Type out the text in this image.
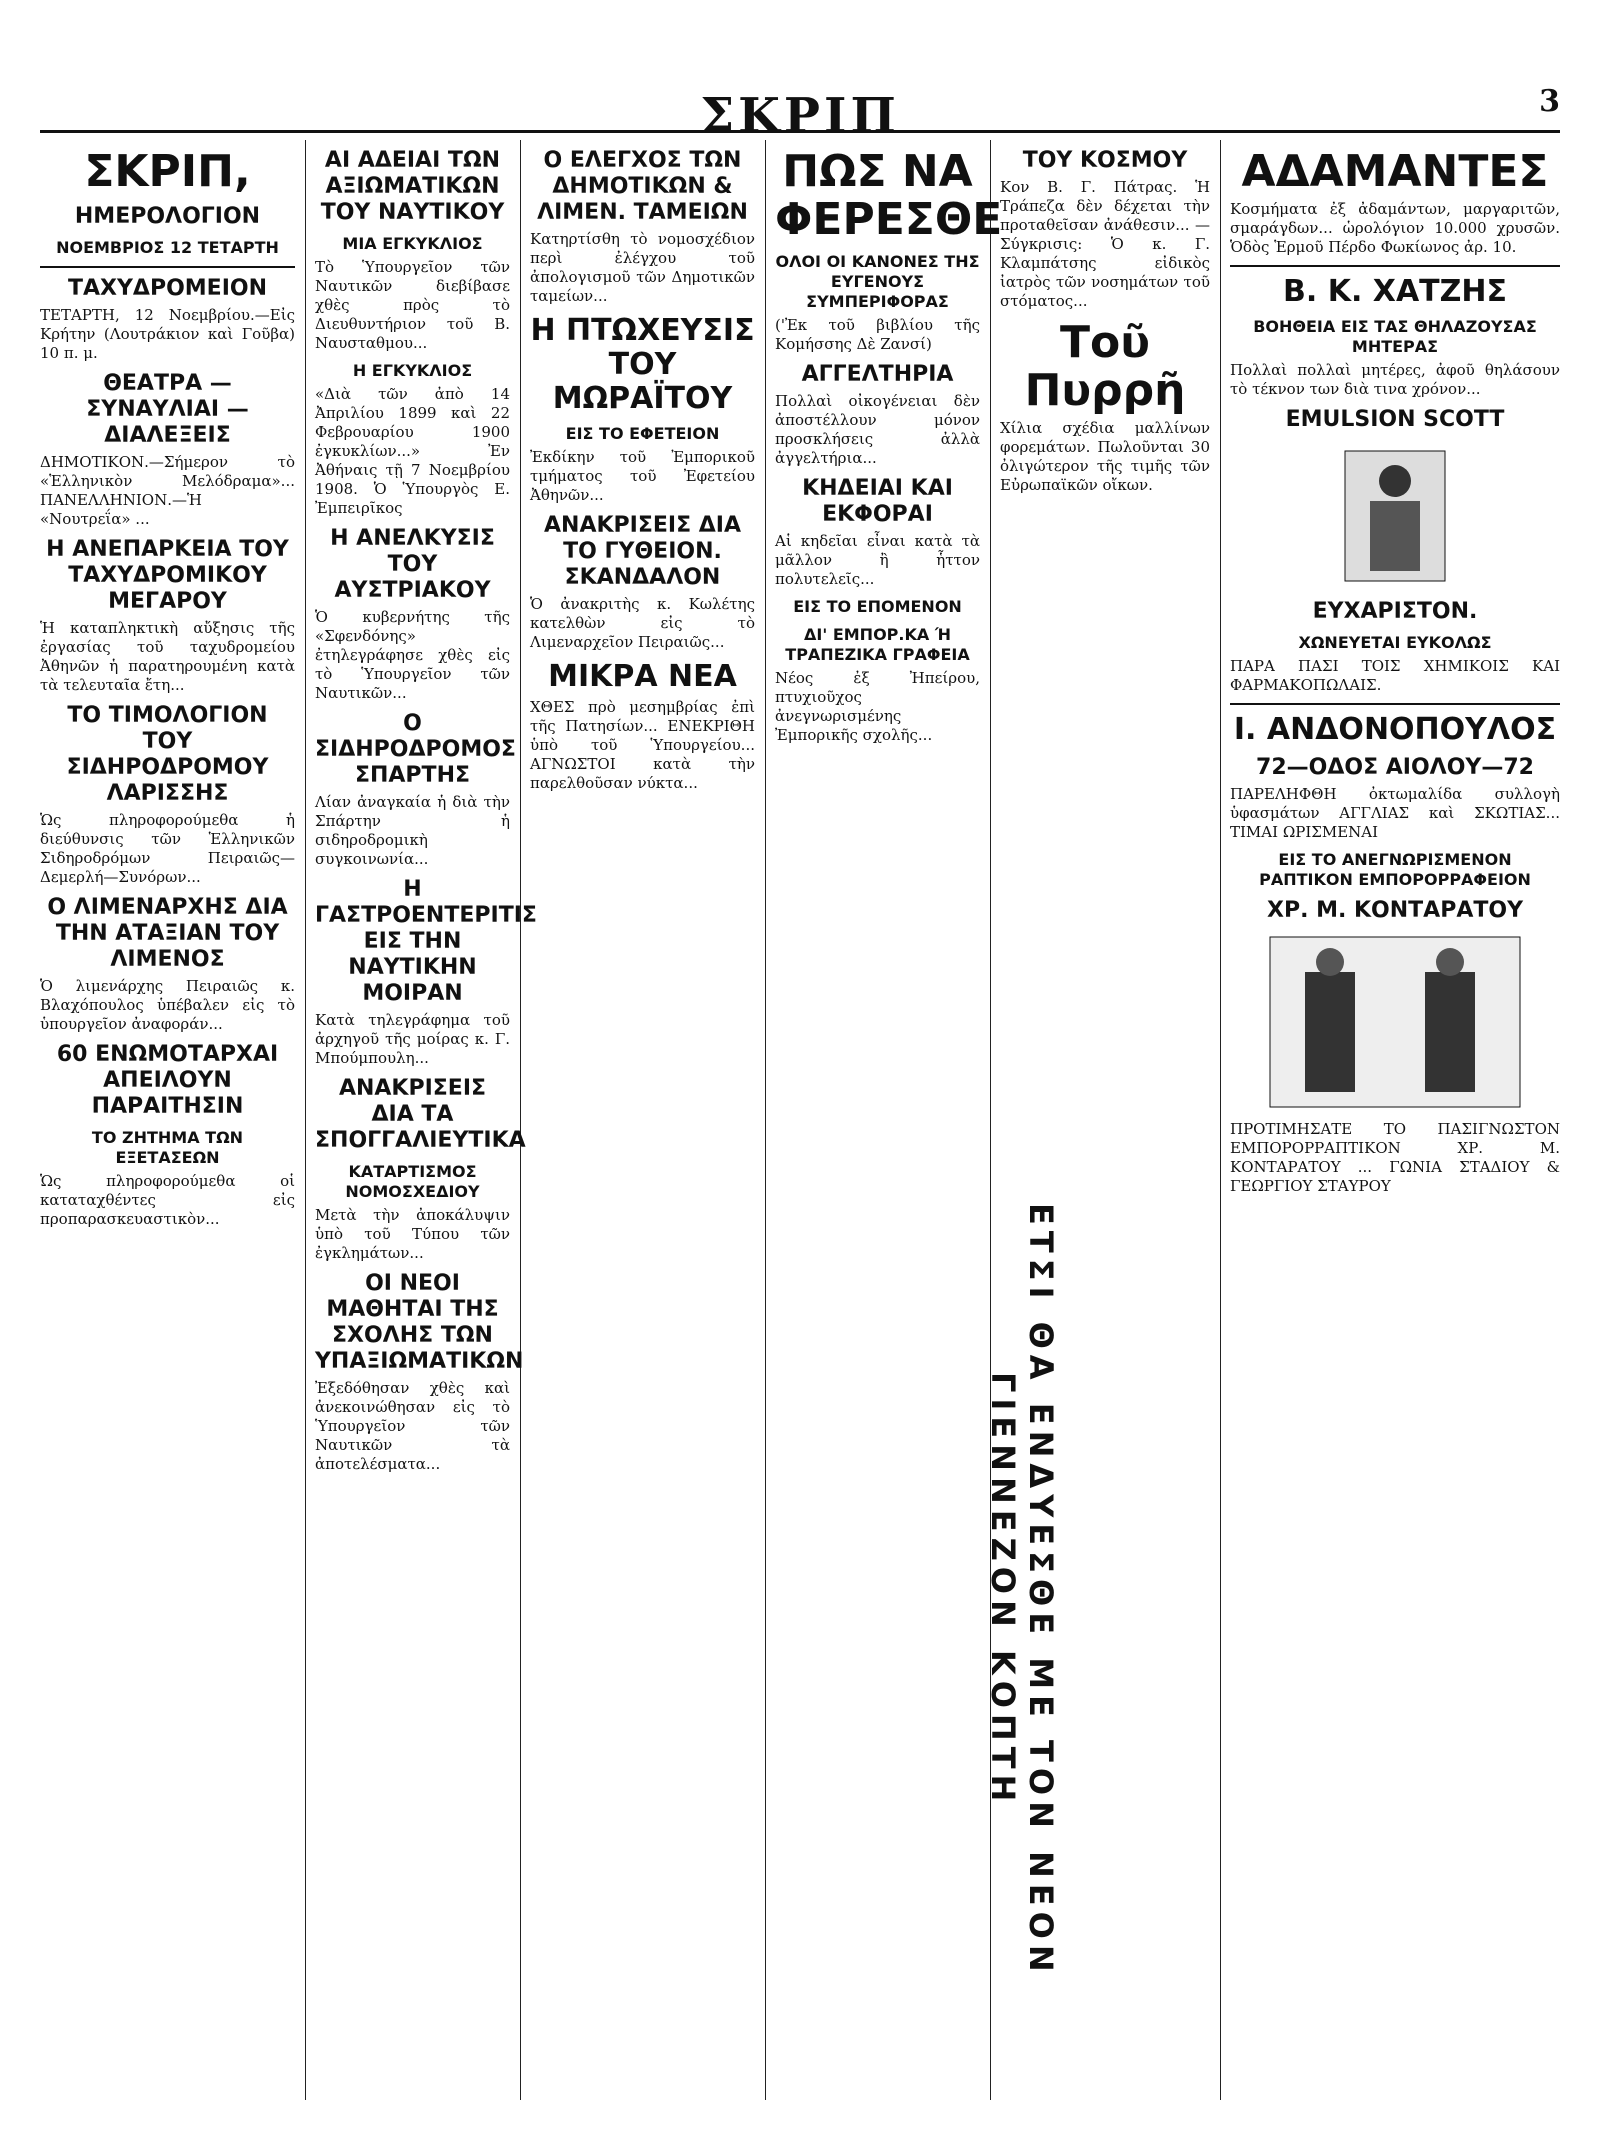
ΣΚΡΙΠ	3
ΣΚΡΙΠ,
ΗΜΕΡΟΛΟΓΙΟΝ
ΝΟΕΜΒΡΙΟΣ 12 ΤΕΤΑΡΤΗ
ΤΑΧΥΔΡΟΜΕΙΟΝ

ΤΕΤΑΡΤΗ, 12 Νοεμβρίου.—Εἰς Κρήτην (Λουτράκιον καὶ Γοῦβα) 10 π. μ.

ΘΕΑΤΡΑ — ΣΥΝΑΥΛΙΑΙ — ΔΙΑΛΕΞΕΙΣ

ΔΗΜΟΤΙΚΟΝ.—Σήμερον τὸ «Ἑλληνικὸν Μελόδραμα»... ΠΑΝΕΛΛΗΝΙΟΝ.—Ἡ «Νουτρεΐα» ...

Η ΑΝΕΠΑΡΚΕΙΑ ΤΟΥ ΤΑΧΥΔΡΟΜΙΚΟΥ ΜΕΓΑΡΟΥ

Ἡ καταπληκτικὴ αὔξησις τῆς ἐργασίας τοῦ ταχυδρομείου Ἀθηνῶν ἡ παρατηρουμένη κατὰ τὰ τελευταῖα ἔτη...

ΤΟ ΤΙΜΟΛΟΓΙΟΝ ΤΟΥ ΣΙΔΗΡΟΔΡΟΜΟΥ ΛΑΡΙΣΣΗΣ

Ὡς πληροφορούμεθα ἡ διεύθυνσις τῶν Ἑλληνικῶν Σιδηροδρόμων Πειραιῶς—Δεμερλή—Συνόρων...

Ο ΛΙΜΕΝΑΡΧΗΣ ΔΙΑ ΤΗΝ ΑΤΑΞΙΑΝ ΤΟΥ ΛΙΜΕΝΟΣ

Ὁ λιμενάρχης Πειραιῶς κ. Βλαχόπουλος ὑπέβαλεν εἰς τὸ ὑπουργεῖον ἀναφοράν...

60 ΕΝΩΜΟΤΑΡΧΑΙ ΑΠΕΙΛΟΥΝ ΠΑΡΑΙΤΗΣΙΝ
ΤΟ ΖΗΤΗΜΑ ΤΩΝ ΕΞΕΤΑΣΕΩΝ

Ὡς πληροφορούμεθα οἱ καταταχθέντες εἰς προπαρασκευαστικὸν...

ΑΙ ΑΔΕΙΑΙ ΤΩΝ ΑΞΙΩΜΑΤΙΚΩΝ ΤΟΥ ΝΑΥΤΙΚΟΥ
ΜΙΑ ΕΓΚΥΚΛΙΟΣ

Τὸ Ὑπουργεῖον τῶν Ναυτικῶν διεβίβασε χθὲς πρὸς τὸ Διευθυντήριον τοῦ Β. Ναυσταθμου...

Η ΕΓΚΥΚΛΙΟΣ

«Διὰ τῶν ἀπὸ 14 Ἀπριλίου 1899 καὶ 22 Φεβρουαρίου 1900 ἐγκυκλίων...» Ἐν Ἀθήναις τῇ 7 Νοεμβρίου 1908. Ὁ Ὑπουργὸς Ε. Ἐμπειρῖκος

Η ΑΝΕΛΚΥΣΙΣ ΤΟΥ ΑΥΣΤΡΙΑΚΟΥ

Ὁ κυβερνήτης τῆς «Σφενδόνης» ἐτηλεγράφησε χθὲς εἰς τὸ Ὑπουργεῖον τῶν Ναυτικῶν...

Ο ΣΙΔΗΡΟΔΡΟΜΟΣ ΣΠΑΡΤΗΣ

Λίαν ἀναγκαία ἡ διὰ τὴν Σπάρτην ἡ σιδηροδρομικὴ συγκοινωνία...

Η ΓΑΣΤΡΟΕΝΤΕΡΙΤΙΣ ΕΙΣ ΤΗΝ ΝΑΥΤΙΚΗΝ ΜΟΙΡΑΝ

Κατὰ τηλεγράφημα τοῦ ἀρχηγοῦ τῆς μοίρας κ. Γ. Μπούμπουλη...

ΑΝΑΚΡΙΣΕΙΣ ΔΙΑ ΤΑ ΣΠΟΓΓΑΛΙΕΥΤΙΚΑ
ΚΑΤΑΡΤΙΣΜΟΣ ΝΟΜΟΣΧΕΔΙΟΥ

Μετὰ τὴν ἀποκάλυψιν ὑπὸ τοῦ Τύπου τῶν ἐγκλημάτων...

ΟΙ ΝΕΟΙ ΜΑΘΗΤΑΙ ΤΗΣ ΣΧΟΛΗΣ ΤΩΝ ΥΠΑΞΙΩΜΑΤΙΚΩΝ

Ἐξεδόθησαν χθὲς καὶ ἀνεκοινώθησαν εἰς τὸ Ὑπουργεῖον τῶν Ναυτικῶν τὰ ἀποτελέσματα...

Ο ΕΛΕΓΧΟΣ ΤΩΝ ΔΗΜΟΤΙΚΩΝ & ΛΙΜΕΝ. ΤΑΜΕΙΩΝ

Κατηρτίσθη τὸ νομοσχέδιον περὶ ἐλέγχου τοῦ ἀπολογισμοῦ τῶν Δημοτικῶν ταμείων...

Η ΠΤΩΧΕΥΣΙΣ ΤΟΥ ΜΩΡΑΪΤΟΥ
ΕΙΣ ΤΟ ΕΦΕΤΕΙΟΝ

Ἐκδίκην τοῦ Ἐμπορικοῦ τμήματος τοῦ Ἐφετείου Ἀθηνῶν...

ΑΝΑΚΡΙΣΕΙΣ ΔΙΑ ΤΟ ΓΥΘΕΙΟΝ. ΣΚΑΝΔΑΛΟΝ

Ὁ ἀνακριτὴς κ. Κωλέτης κατελθὼν εἰς τὸ Λιμεναρχεῖον Πειραιῶς...

ΜΙΚΡΑ ΝΕΑ

ΧΘΕΣ πρὸ μεσημβρίας ἐπὶ τῆς Πατησίων... ΕΝΕΚΡΙΘΗ ὑπὸ τοῦ Ὑπουργείου... ΑΓΝΩΣΤΟΙ κατὰ τὴν παρελθοῦσαν νύκτα...

ΠΩΣ ΝΑ ΦΕΡΕΣΘΕ
ΟΛΟΙ ΟΙ ΚΑΝΟΝΕΣ ΤΗΣ ΕΥΓΕΝΟΥΣ ΣΥΜΠΕΡΙΦΟΡΑΣ

('Ἐκ τοῦ βιβλίου τῆς Κομήσσης Δὲ Ζανσί)

ΑΓΓΕΛΤΗΡΙΑ

Πολλαὶ οἰκογένειαι δὲν ἀποστέλλουν μόνον προσκλήσεις ἀλλὰ ἀγγελτήρια...

ΚΗΔΕΙΑΙ ΚΑΙ ΕΚΦΟΡΑΙ

Αἱ κηδεῖαι εἶναι κατὰ τὰ μᾶλλον ἢ ἧττον πολυτελεῖς...

ΕΙΣ ΤΟ ΕΠΟΜΕΝΟΝ
ΔΙ' ΕΜΠΟΡ.ΚΑ Ή ΤΡΑΠΕΖΙΚΑ ΓΡΑΦΕΙΑ

Νέος ἐξ Ἠπείρου, πτυχιοῦχος ἀνεγνωρισμένης Ἐμπορικῆς σχολῆς...

ΤΟΥ ΚΟΣΜΟΥ

Κον Β. Γ. Πάτρας. Ἡ Τράπεζα δὲν δέχεται τὴν προταθεῖσαν ἀνάθεσιν... — Σύγκρισις: Ὁ κ. Γ. Κλαμπάτσης εἰδικὸς ἰατρὸς τῶν νοσημάτων τοῦ στόματος...

Τοῦ Πυρρῆ

Χίλια σχέδια μαλλίνων φορεμάτων. Πωλοῦνται 30 ὀλιγώτερον τῆς τιμῆς τῶν Εὐρωπαϊκῶν οἴκων.

ΕΤΣΙ ΘΑ ΕΝΔΥΕΣΘΕ ΜΕ ΤΟΝ ΝΕΟΝ ΓΙΕΝΝΕΖΟΝ ΚΟΠΤΗ
ΑΔΑΜΑΝΤΕΣ

Κοσμήματα ἐξ ἀδαμάντων, μαργαριτῶν, σμαράγδων... ὡρολόγιον 10.000 χρυσῶν. Ὁδὸς Ἑρμοῦ Πέρδο Φωκίωνος ἀρ. 10.

Β. Κ. ΧΑΤΖΗΣ
ΒΟΗΘΕΙΑ ΕΙΣ ΤΑΣ ΘΗΛΑΖΟΥΣΑΣ ΜΗΤΕΡΑΣ

Πολλαὶ πολλαὶ μητέρες, ἀφοῦ θηλάσουν τὸ τέκνον των διὰ τινα χρόνον...

EMULSION SCOTT
ΕΥΧΑΡΙΣΤΟΝ.
ΧΩΝΕΥΕΤΑΙ ΕΥΚΟΛΩΣ

ΠΑΡΑ ΠΑΣΙ ΤΟΙΣ ΧΗΜΙΚΟΙΣ ΚΑΙ ΦΑΡΜΑΚΟΠΩΛΑΙΣ.

Ι. ΑΝΔΟΝΟΠΟΥΛΟΣ
72—ΟΔΟΣ ΑΙΟΛΟΥ—72

ΠΑΡΕΛΗΦΘΗ ὀκτωμαλίδα συλλογὴ ὑφασμάτων ΑΓΓΛΙΑΣ καὶ ΣΚΩΤΙΑΣ... ΤΙΜΑΙ ΩΡΙΣΜΕΝΑΙ

ΕΙΣ ΤΟ ΑΝΕΓΝΩΡΙΣΜΕΝΟΝ ΡΑΠΤΙΚΟΝ ΕΜΠΟΡΟΡΡΑΦΕΙΟΝ
ΧΡ. Μ. ΚΟΝΤΑΡΑΤΟΥ

ΠΡΟΤΙΜΗΣΑΤΕ ΤΟ ΠΑΣΙΓΝΩΣΤΟΝ ΕΜΠΟΡΟΡΡΑΠΤΙΚΟΝ ΧΡ. Μ. ΚΟΝΤΑΡΑΤΟΥ ... ΓΩΝΙΑ ΣΤΑΔΙΟΥ & ΓΕΩΡΓΙΟΥ ΣΤΑΥΡΟΥ
